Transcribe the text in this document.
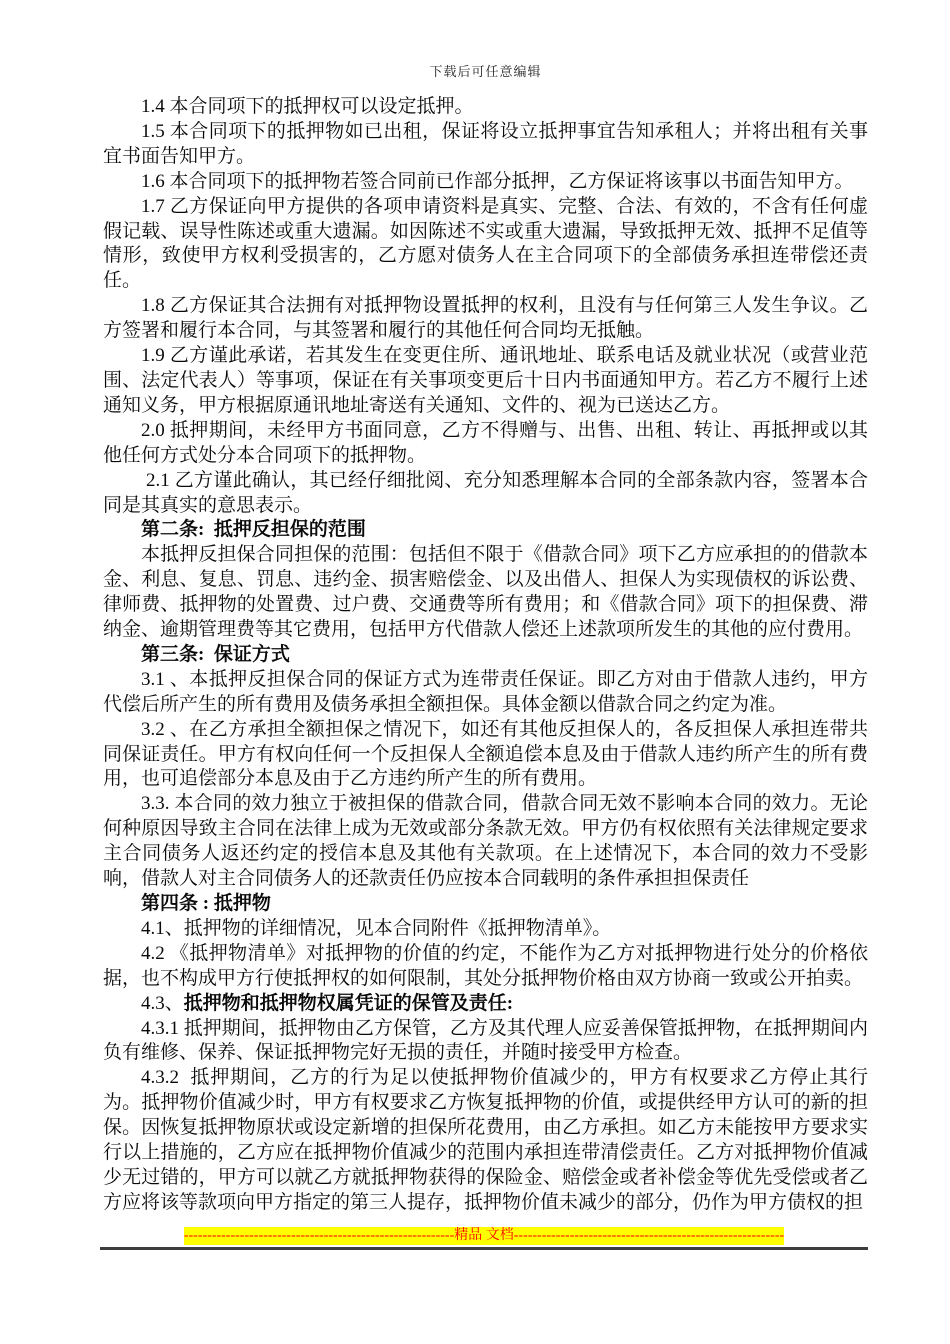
下载后可任意编辑

1.4 本合同项下的抵押权可以设定抵押。

1.5 本合同项下的抵押物如已出租，保证将设立抵押事宜告知承租人；并将出租有关事宜书面告知甲方。

1.6 本合同项下的抵押物若签合同前已作部分抵押，乙方保证将该事以书面告知甲方。

1.7 乙方保证向甲方提供的各项申请资料是真实、完整、合法、有效的，不含有任何虚假记载、误导性陈述或重大遗漏。如因陈述不实或重大遗漏，导致抵押无效、抵押不足值等情形，致使甲方权利受损害的，乙方愿对债务人在主合同项下的全部债务承担连带偿还责任。

1.8 乙方保证其合法拥有对抵押物设置抵押的权利，且没有与任何第三人发生争议。乙方签署和履行本合同，与其签署和履行的其他任何合同均无抵触。

1.9 乙方谨此承诺，若其发生在变更住所、通讯地址、联系电话及就业状况（或营业范围、法定代表人）等事项，保证在有关事项变更后十日内书面通知甲方。若乙方不履行上述通知义务，甲方根据原通讯地址寄送有关通知、文件的、视为已送达乙方。

2.0 抵押期间，未经甲方书面同意，乙方不得赠与、出售、出租、转让、再抵押或以其他任何方式处分本合同项下的抵押物。

2.1 乙方谨此确认，其已经仔细批阅、充分知悉理解本合同的全部条款内容，签署本合同是其真实的意思表示。

第二条:  抵押反担保的范围

本抵押反担保合同担保的范围：包括但不限于《借款合同》项下乙方应承担的的借款本金、利息、复息、罚息、违约金、损害赔偿金、以及出借人、担保人为实现债权的诉讼费、律师费、抵押物的处置费、过户费、交通费等所有费用；和《借款合同》项下的担保费、滞纳金、逾期管理费等其它费用，包括甲方代借款人偿还上述款项所发生的其他的应付费用。

第三条:  保证方式

3.1 、本抵押反担保合同的保证方式为连带责任保证。即乙方对由于借款人违约，甲方代偿后所产生的所有费用及债务承担全额担保。具体金额以借款合同之约定为准。

3.2 、在乙方承担全额担保之情况下，如还有其他反担保人的，各反担保人承担连带共同保证责任。甲方有权向任何一个反担保人全额追偿本息及由于借款人违约所产生的所有费用，也可追偿部分本息及由于乙方违约所产生的所有费用。

3.3. 本合同的效力独立于被担保的借款合同，借款合同无效不影响本合同的效力。无论何种原因导致主合同在法律上成为无效或部分条款无效。甲方仍有权依照有关法律规定要求主合同债务人返还约定的授信本息及其他有关款项。在上述情况下，本合同的效力不受影响，借款人对主合同债务人的还款责任仍应按本合同载明的条件承担担保责任

第四条 : 抵押物

4.1、抵押物的详细情况，见本合同附件《抵押物清单》。

4.2 《抵押物清单》对抵押物的价值的约定，不能作为乙方对抵押物进行处分的价格依据，也不构成甲方行使抵押权的如何限制，其处分抵押物价格由双方协商一致或公开拍卖。

4.3、抵押物和抵押物权属凭证的保管及责任:

4.3.1 抵押期间，抵押物由乙方保管，乙方及其代理人应妥善保管抵押物，在抵押期间内负有维修、保养、保证抵押物完好无损的责任，并随时接受甲方检查。

4.3.2  抵押期间，乙方的行为足以使抵押物价值减少的，甲方有权要求乙方停止其行为。抵押物价值减少时，甲方有权要求乙方恢复抵押物的价值，或提供经甲方认可的新的担保。因恢复抵押物原状或设定新增的担保所花费用，由乙方承担。如乙方未能按甲方要求实行以上措施的，乙方应在抵押物价值减少的范围内承担连带清偿责任。乙方对抵押物价值减少无过错的，甲方可以就乙方就抵押物获得的保险金、赔偿金或者补偿金等优先受偿或者乙方应将该等款项向甲方指定的第三人提存，抵押物价值未减少的部分，仍作为甲方债权的担

----------------------------------------------------------精品 文档----------------------------------------------------------
